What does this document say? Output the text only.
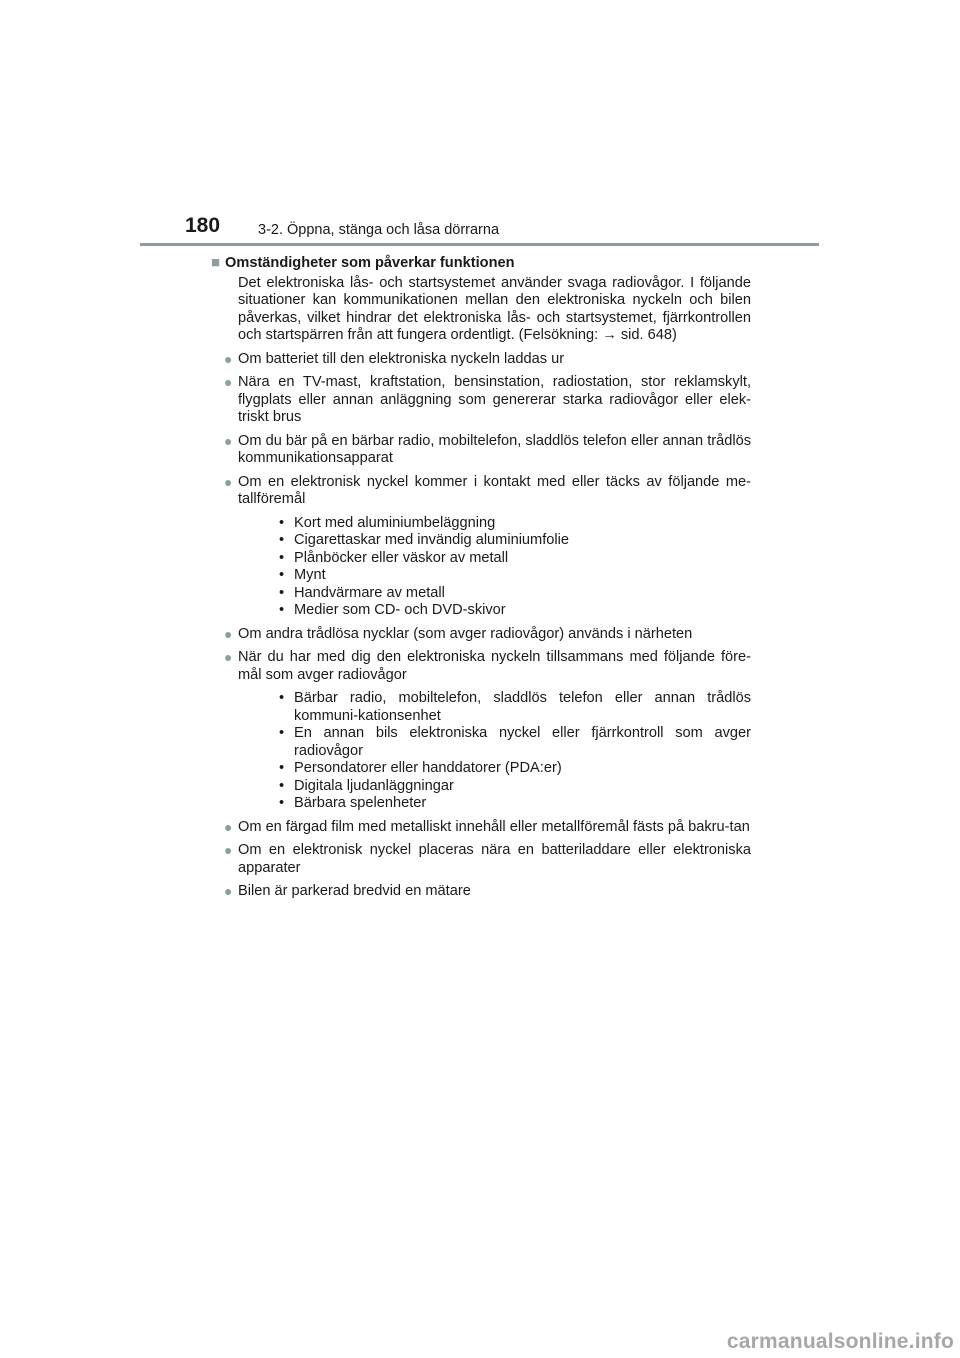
180	3-2. Öppna, stänga och låsa dörrarna

■ Omständigheter som påverkar funktionen

Det elektroniska lås- och startsystemet använder svaga radiovågor. I följande situationer kan kommunikationen mellan den elektroniska nyckeln och bilen påverkas, vilket hindrar det elektroniska lås- och startsystemet, fjärrkontrollen och startspärren från att fungera ordentligt. (Felsökning: → sid. 648)
● Om batteriet till den elektroniska nyckeln laddas ur
● Nära en TV-mast, kraftstation, bensinstation, radiostation, stor reklamskylt, flygplats eller annan anläggning som genererar starka radiovågor eller elek-triskt brus
● Om du bär på en bärbar radio, mobiltelefon, sladdlös telefon eller annan trådlös kommunikationsapparat
● Om en elektronisk nyckel kommer i kontakt med eller täcks av följande me-tallföremål
• Kort med aluminiumbeläggning
• Cigarettaskar med invändig aluminiumfolie
• Plånböcker eller väskor av metall
• Mynt
• Handvärmare av metall
• Medier som CD- och DVD-skivor
● Om andra trådlösa nycklar (som avger radiovågor) används i närheten
● När du har med dig den elektroniska nyckeln tillsammans med följande före-mål som avger radiovågor
• Bärbar radio, mobiltelefon, sladdlös telefon eller annan trådlös kommuni-kationsenhet
• En annan bils elektroniska nyckel eller fjärrkontroll som avger radiovågor
• Persondatorer eller handdatorer (PDA:er)
• Digitala ljudanläggningar
• Bärbara spelenheter
● Om en färgad film med metalliskt innehåll eller metallföremål fästs på bakru-tan
● Om en elektronisk nyckel placeras nära en batteriladdare eller elektroniska apparater
● Bilen är parkerad bredvid en mätare
carmanualsonline.info
